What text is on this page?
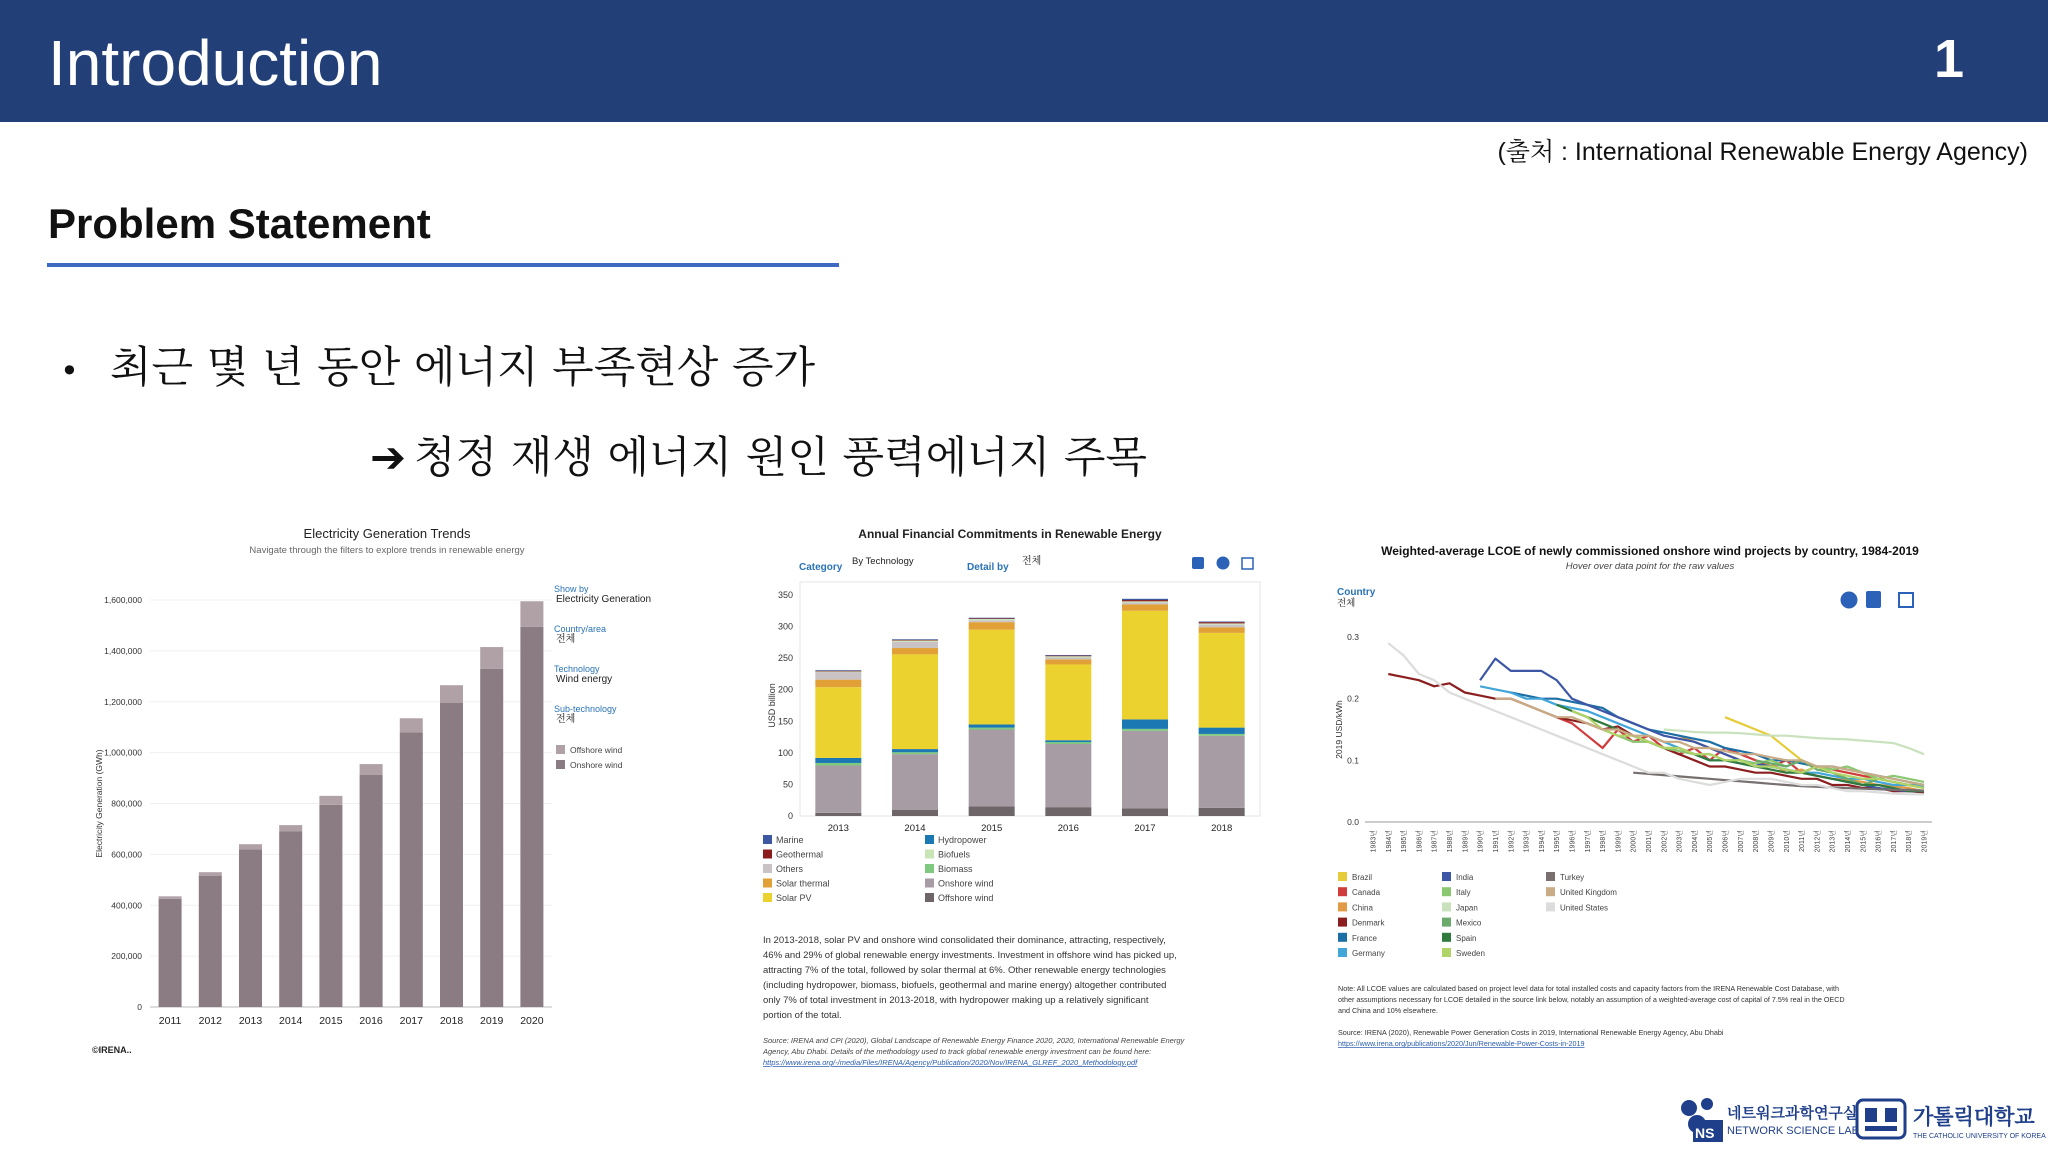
Introduction	1
(출처 : International Renewable Energy Agency)
Problem Statement
• 최근 몇 년 동안 에너지 부족현상 증가
➔ 청정 재생 에너지 원인 풍력에너지 주목
Electricity Generation Trends
Navigate through the filters to explore trends in renewable energy
Electricity Generation (GWh)
1,600,000
1,400,000
1,200,000
1,000,000
800,000
600,000
400,000
200,000
0
2011 2012 2013 2014 2015 2016 2017 2018 2019 2020
Show by
Electricity Generation
Country/area
전체
Technology
Wind energy
Sub-technology
전체
Offshore wind
Onshore wind
©IRENA..
Annual Financial Commitments in Renewable Energy
Category
By Technology
Detail by
전체
USD billion
350
300
250
200
150
100
50
0
2013	2014	2015	2016	2017	2018
Marine	Hydropower
Geothermal	Biofuels
Others	Biomass
Solar thermal	Onshore wind
Solar PV	Offshore wind
In 2013-2018, solar PV and onshore wind consolidated their dominance, attracting, respectively,
46% and 29% of global renewable energy investments. Investment in offshore wind has picked up,
attracting 7% of the total, followed by solar thermal at 6%. Other renewable energy technologies
(including hydropower, biomass, biofuels, geothermal and marine energy) altogether contributed
only 7% of total investment in 2013-2018, with hydropower making up a relatively significant
portion of the total.
Source: IRENA and CPI (2020), Global Landscape of Renewable Energy Finance 2020, 2020, International Renewable Energy
Agency, Abu Dhabi. Details of the methodology used to track global renewable energy investment can be found here:
https://www.irena.org/-/media/Files/IRENA/Agency/Publication/2020/Nov/IRENA_GLREF_2020_Methodology.pdf
Weighted-average LCOE of newly commissioned onshore wind projects by country, 1984-2019
Hover over data point for the raw values
Country
전체
2019 USD/kWh
0.3
0.2
0.1
0.0
1983년 1984년 1985년 1986년 1987년 1988년 1989년 1990년 1991년 1992년 1993년 1994년 1995년 1996년 1997년 1998년 1999년 2000년 2001년 2002년 2003년 2004년 2005년 2006년 2007년 2008년 2009년 2010년 2011년 2012년 2013년 2014년 2015년 2016년 2017년 2018년 2019년
Brazil
Canada
China
Denmark
France
Germany
India
Italy
Japan
Mexico
Spain
Sweden
Turkey
United Kingdom
United States
Note: All LCOE values are calculated based on project level data for total installed costs and capacity factors from the IRENA Renewable Cost Database, with
other assumptions necessary for LCOE detailed in the source link below, notably an assumption of a weighted-average cost of capital of 7.5% real in the OECD
and China and 10% elsewhere.
Source: IRENA (2020), Renewable Power Generation Costs in 2019, International Renewable Energy Agency, Abu Dhabi
https://www.irena.org/publications/2020/Jun/Renewable-Power-Costs-in-2019
NS
네트워크과학연구실
NETWORK SCIENCE LAB
가톨릭대학교
THE CATHOLIC UNIVERSITY OF KOREA
